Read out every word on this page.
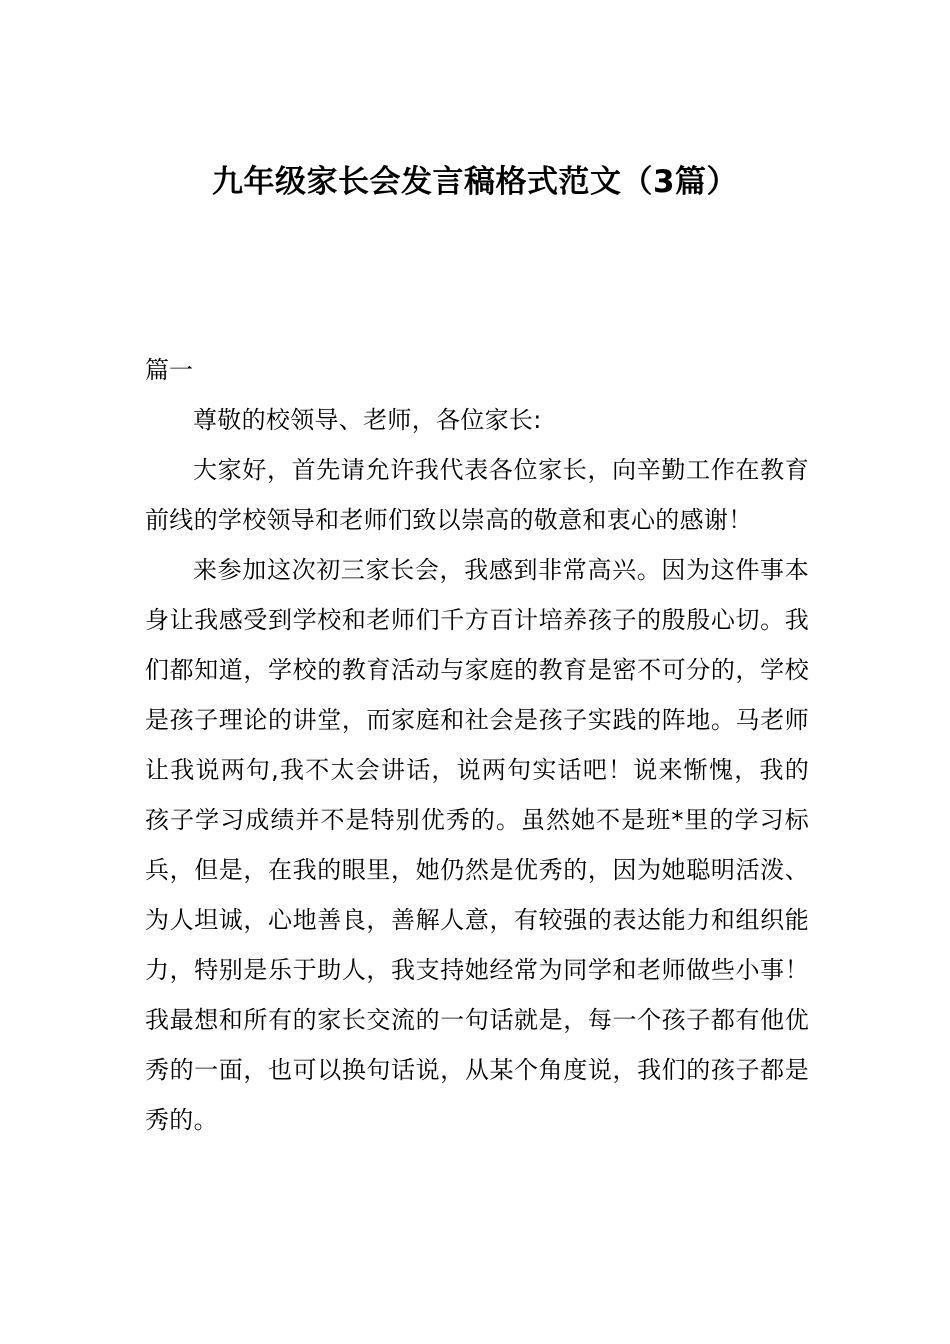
九年级家长会发言稿格式范文（3篇）

篇一

尊敬的校领导、老师，各位家长:

大家好，首先请允许我代表各位家长，向辛勤工作在教育前线的学校领导和老师们致以崇高的敬意和衷心的感谢！

来参加这次初三家长会，我感到非常高兴。因为这件事本身让我感受到学校和老师们千方百计培养孩子的殷殷心切。我们都知道，学校的教育活动与家庭的教育是密不可分的，学校是孩子理论的讲堂，而家庭和社会是孩子实践的阵地。马老师让我说两句,我不太会讲话，说两句实话吧！说来惭愧，我的孩子学习成绩并不是特别优秀的。虽然她不是班*里的学习标兵，但是，在我的眼里，她仍然是优秀的，因为她聪明活泼、为人坦诚，心地善良，善解人意，有较强的表达能力和组织能力，特别是乐于助人，我支持她经常为同学和老师做些小事！我最想和所有的家长交流的一句话就是，每一个孩子都有他优秀的一面，也可以换句话说，从某个角度说，我们的孩子都是秀的。
